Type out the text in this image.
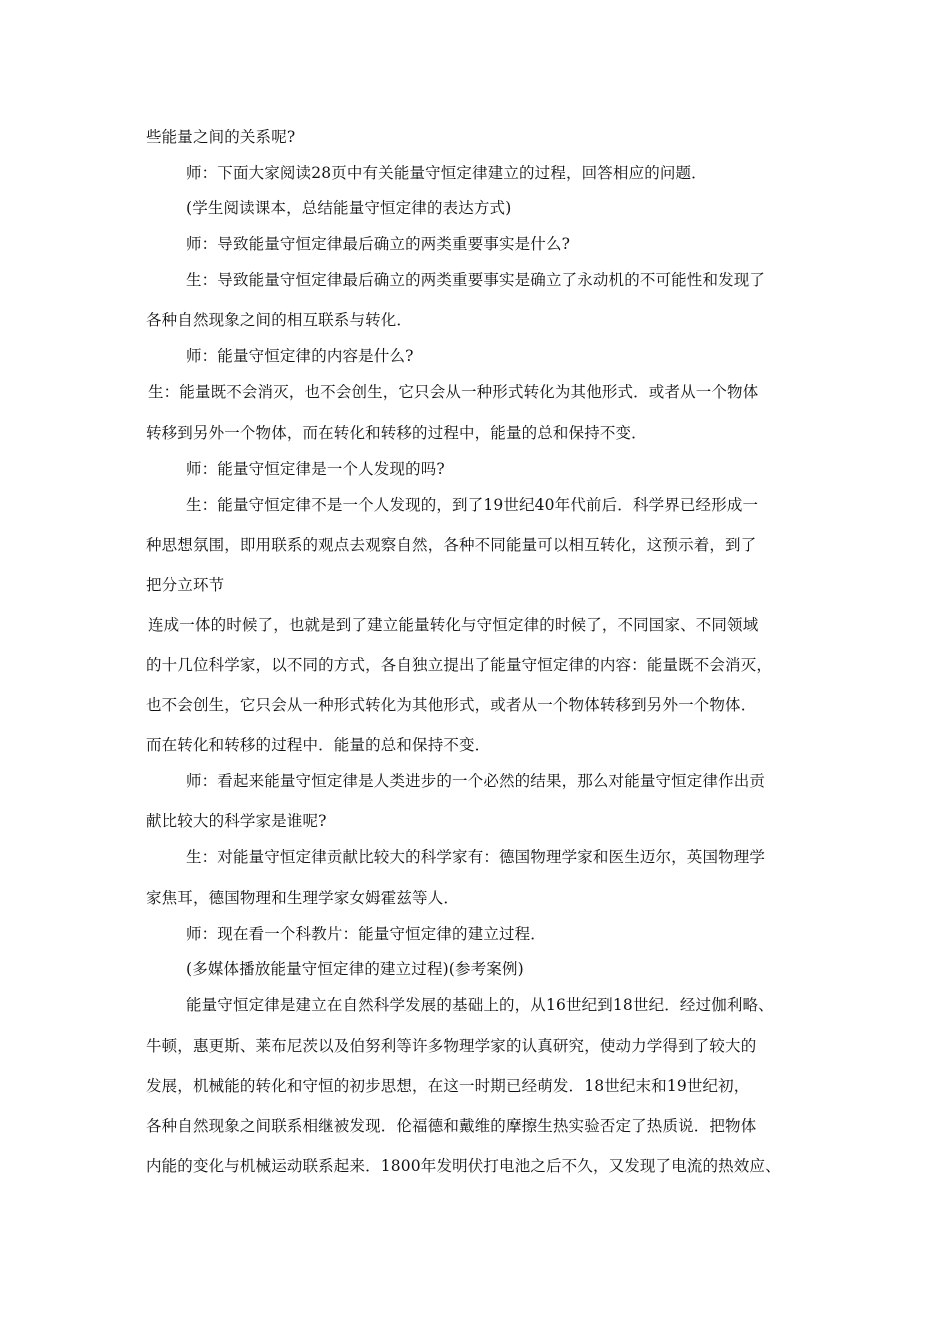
些能量之间的关系呢?
师：下面大家阅读28页中有关能量守恒定律建立的过程，回答相应的问题．
(学生阅读课本，总结能量守恒定律的表达方式)
师：导致能量守恒定律最后确立的两类重要事实是什么?
生：导致能量守恒定律最后确立的两类重要事实是确立了永动机的不可能性和发现了
各种自然现象之间的相互联系与转化．
师：能量守恒定律的内容是什么?
生：能量既不会消灭，也不会创生，它只会从一种形式转化为其他形式．或者从一个物体
转移到另外一个物体，而在转化和转移的过程中，能量的总和保持不变．
师：能量守恒定律是一个人发现的吗?
生：能量守恒定律不是一个人发现的，到了19世纪40年代前后．科学界已经形成一
种思想氛围，即用联系的观点去观察自然，各种不同能量可以相互转化，这预示着，到了
把分立环节
连成一体的时候了，也就是到了建立能量转化与守恒定律的时候了，不同国家、不同领域
的十几位科学家，以不同的方式，各自独立提出了能量守恒定律的内容：能量既不会消灭，
也不会创生，它只会从一种形式转化为其他形式，或者从一个物体转移到另外一个物体．
而在转化和转移的过程中．能量的总和保持不变．
师：看起来能量守恒定律是人类进步的一个必然的结果，那么对能量守恒定律作出贡
献比较大的科学家是谁呢?
生：对能量守恒定律贡献比较大的科学家有：德国物理学家和医生迈尔，英国物理学
家焦耳，德国物理和生理学家女姆霍兹等人．
师：现在看一个科教片：能量守恒定律的建立过程．
(多媒体播放能量守恒定律的建立过程)(参考案例)
能量守恒定律是建立在自然科学发展的基础上的，从16世纪到18世纪．经过伽利略、
牛顿，惠更斯、莱布尼茨以及伯努利等许多物理学家的认真研究，使动力学得到了较大的
发展，机械能的转化和守恒的初步思想，在这一时期已经萌发．18世纪末和19世纪初，
各种自然现象之间联系相继被发现．伦福德和戴维的摩擦生热实验否定了热质说．把物体
内能的变化与机械运动联系起来．1800年发明伏打电池之后不久，又发现了电流的热效应、
